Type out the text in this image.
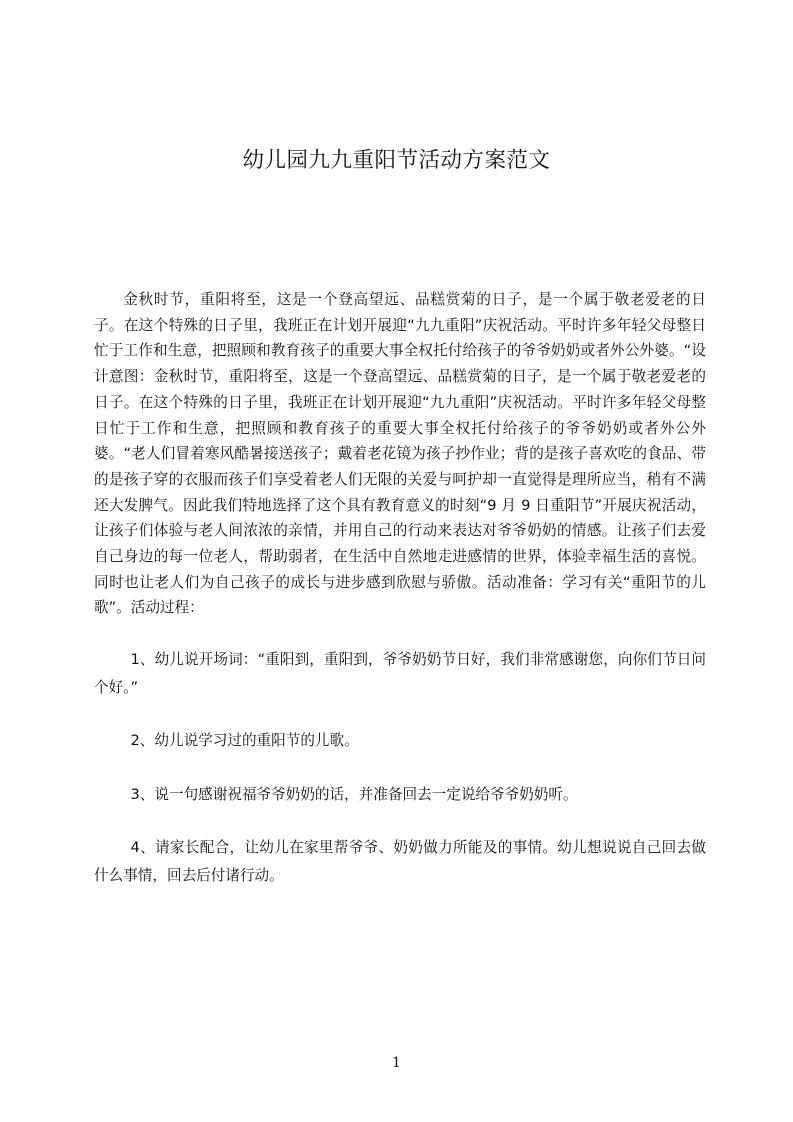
幼儿园九九重阳节活动方案范文

金秋时节，重阳将至，这是一个登高望远、品糕赏菊的日子，是一个属于敬老爱老的日子。在这个特殊的日子里，我班正在计划开展迎“九九重阳”庆祝活动。平时许多年轻父母整日忙于工作和生意，把照顾和教育孩子的重要大事全权托付给孩子的爷爷奶奶或者外公外婆。“设计意图：金秋时节，重阳将至，这是一个登高望远、品糕赏菊的日子，是一个属于敬老爱老的日子。在这个特殊的日子里，我班正在计划开展迎“九九重阳”庆祝活动。平时许多年轻父母整日忙于工作和生意，把照顾和教育孩子的重要大事全权托付给孩子的爷爷奶奶或者外公外婆。“老人们冒着寒风酷暑接送孩子；戴着老花镜为孩子抄作业；背的是孩子喜欢吃的食品、带的是孩子穿的衣服而孩子们享受着老人们无限的关爱与呵护却一直觉得是理所应当，稍有不满还大发脾气。因此我们特地选择了这个具有教育意义的时刻“9 月 9 日重阳节”开展庆祝活动，让孩子们体验与老人间浓浓的亲情，并用自己的行动来表达对爷爷奶奶的情感。让孩子们去爱自己身边的每一位老人，帮助弱者，在生活中自然地走进感情的世界，体验幸福生活的喜悦。同时也让老人们为自己孩子的成长与进步感到欣慰与骄傲。活动准备：学习有关“重阳节的儿歌”。活动过程：

1、幼儿说开场词：“重阳到，重阳到，爷爷奶奶节日好，我们非常感谢您，向你们节日问个好。”

2、幼儿说学习过的重阳节的儿歌。

3、说一句感谢祝福爷爷奶奶的话，并准备回去一定说给爷爷奶奶听。

4、请家长配合，让幼儿在家里帮爷爷、奶奶做力所能及的事情。幼儿想说说自己回去做什么事情，回去后付诸行动。

1
